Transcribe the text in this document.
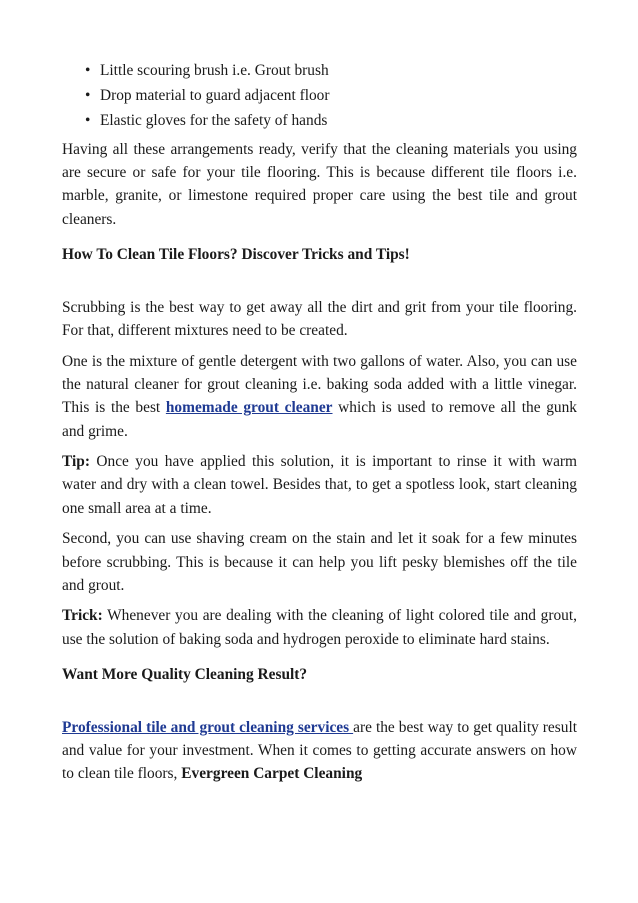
• Little scouring brush i.e. Grout brush
• Drop material to guard adjacent floor
• Elastic gloves for the safety of hands

Having all these arrangements ready, verify that the cleaning materials you using are secure or safe for your tile flooring. This is because different tile floors i.e. marble, granite, or limestone required proper care using the best tile and grout cleaners.

How To Clean Tile Floors? Discover Tricks and Tips!

Scrubbing is the best way to get away all the dirt and grit from your tile flooring. For that, different mixtures need to be created.

One is the mixture of gentle detergent with two gallons of water. Also, you can use the natural cleaner for grout cleaning i.e. baking soda added with a little vinegar. This is the best homemade grout cleaner which is used to remove all the gunk and grime.

Tip: Once you have applied this solution, it is important to rinse it with warm water and dry with a clean towel. Besides that, to get a spotless look, start cleaning one small area at a time.

Second, you can use shaving cream on the stain and let it soak for a few minutes before scrubbing. This is because it can help you lift pesky blemishes off the tile and grout.

Trick: Whenever you are dealing with the cleaning of light colored tile and grout, use the solution of baking soda and hydrogen peroxide to eliminate hard stains.

Want More Quality Cleaning Result?

Professional tile and grout cleaning services are the best way to get quality result and value for your investment. When it comes to getting accurate answers on how to clean tile floors, Evergreen Carpet Cleaning
